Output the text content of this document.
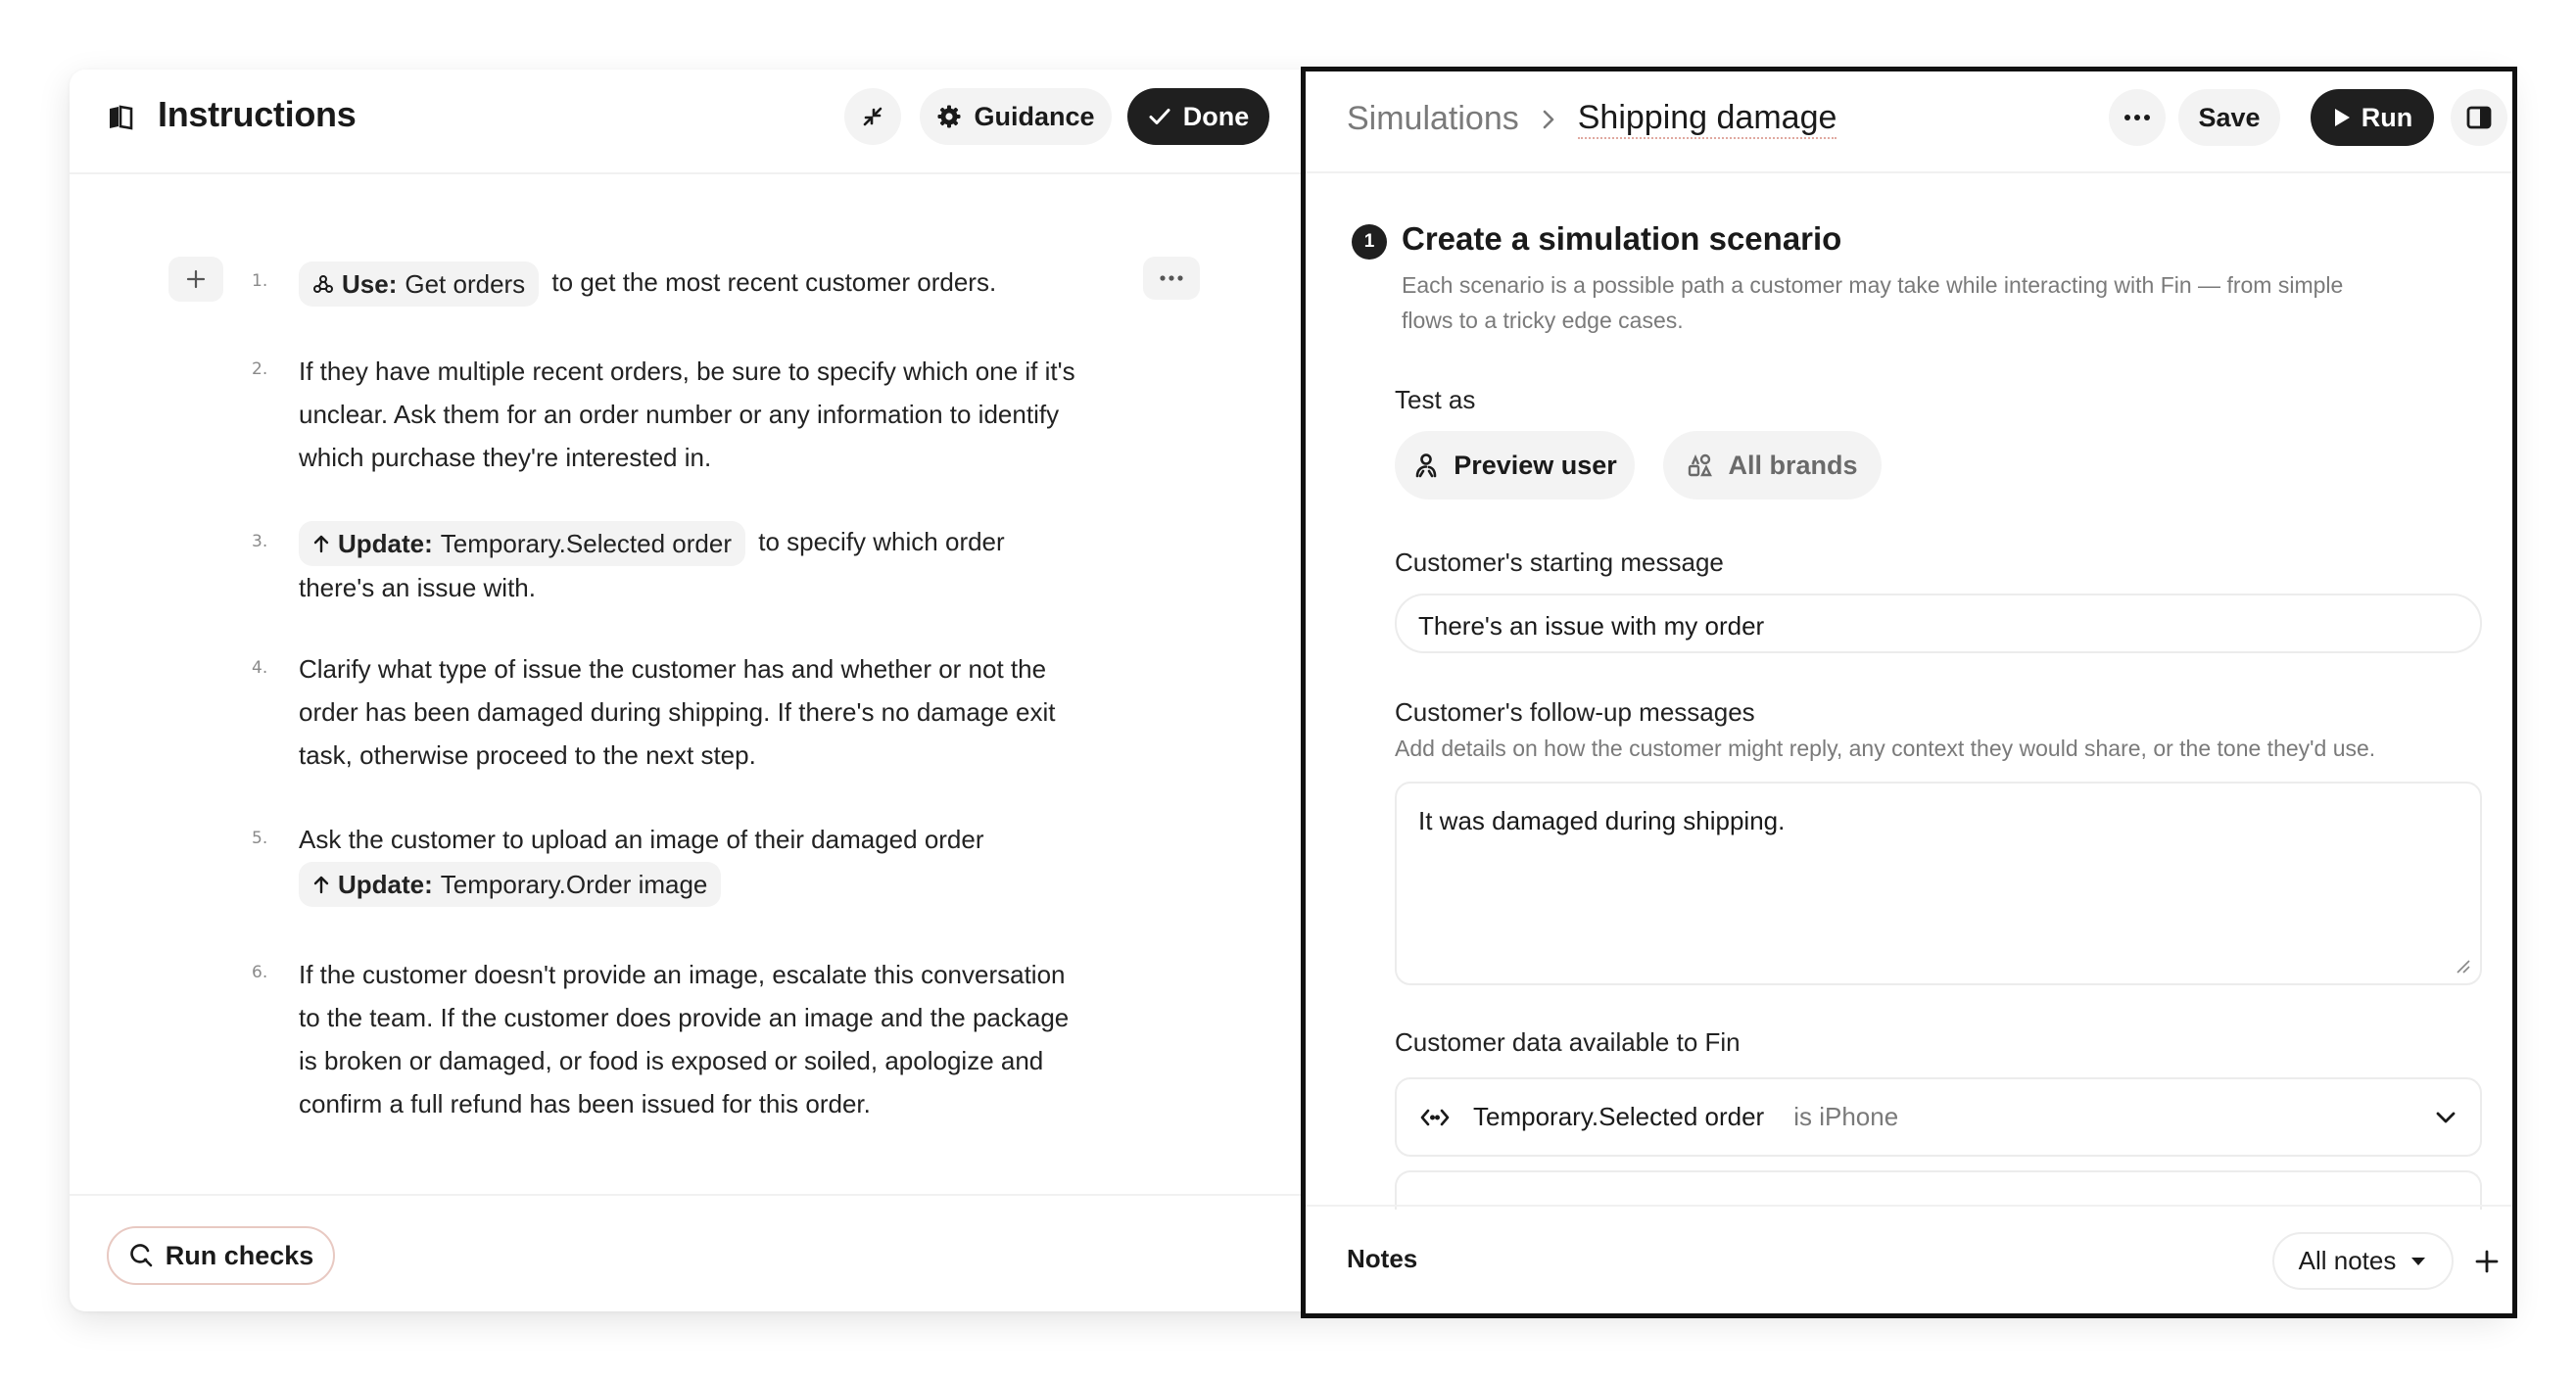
Instructions	Guidance	Done
1.	Use: Get orders to get the most recent customer orders.
2. If they have multiple recent orders, be sure to specify which one if it's
unclear. Ask them for an order number or any information to identify
which purchase they're interested in.
3.	Update: Temporary.Selected order to specify which order
there's an issue with.
4. Clarify what type of issue the customer has and whether or not the
order has been damaged during shipping. If there's no damage exit
task, otherwise proceed to the next step.
5. Ask the customer to upload an image of their damaged order
Update: Temporary.Order image
6. If the customer doesn't provide an image, escalate this conversation
to the team. If the customer does provide an image and the package
is broken or damaged, or food is exposed or soiled, apologize and
confirm a full refund has been issued for this order.
Run checks
Simulations Shipping damage	Save	Run
1 Create a simulation scenario
Each scenario is a possible path a customer may take while interacting with Fin — from simple
flows to a tricky edge cases.
Test as
Preview user	All brands
Customer's starting message
There's an issue with my order
Customer's follow-up messages
Add details on how the customer might reply, any context they would share, or the tone they'd use.
It was damaged during shipping.
Customer data available to Fin
Temporary.Selected order is iPhone
Notes	All notes
